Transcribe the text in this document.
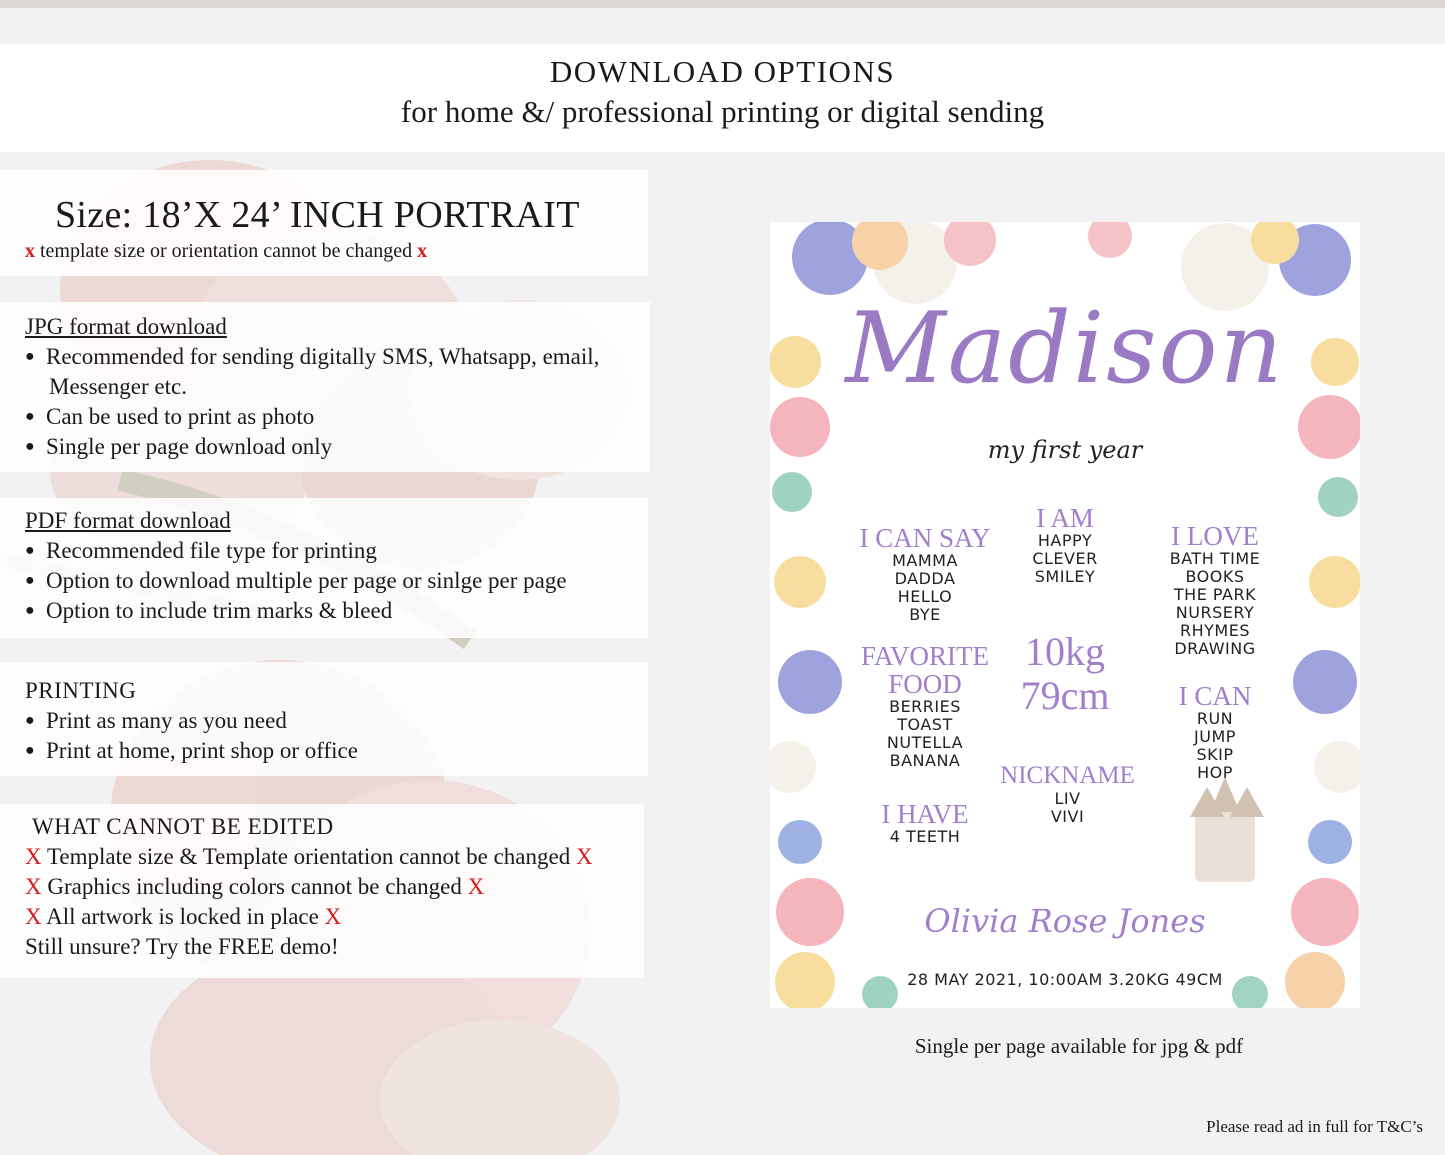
DOWNLOAD OPTIONS
for home &/ professional printing or digital sending
Size: 18’X 24’ INCH PORTRAIT
x template size or orientation cannot be changed x
JPG format download
● Recommended for sending digitally SMS, Whatsapp, email,
Messenger etc.
● Can be used to print as photo
● Single per page download only
PDF format download
● Recommended file type for printing
● Option to download multiple per page or sinlge per page
● Option to include trim marks & bleed
PRINTING
● Print as many as you need
● Print at home, print shop or office
WHAT CANNOT BE EDITED
X Template size & Template orientation cannot be changed X
X Graphics including colors cannot be changed X
X All artwork is locked in place X
Still unsure? Try the FREE demo!
Madison
my first year
I CAN SAY
MAMMA
DADDA
HELLO
BYE
I AM
HAPPY
CLEVER
SMILEY
I LOVE
BATH TIME
BOOKS
THE PARK
NURSERY
RHYMES
DRAWING
FAVORITE
FOOD
BERRIES
TOAST
NUTELLA
BANANA
10kg
79cm	I CAN
RUN
JUMP
SKIP
HOP
NICKNAME
LIV
VIVI
I HAVE
4 TEETH
Olivia Rose Jones
28 MAY 2021, 10:00AM 3.20KG 49CM
Single per page available for jpg & pdf
Please read ad in full for T&C’s
